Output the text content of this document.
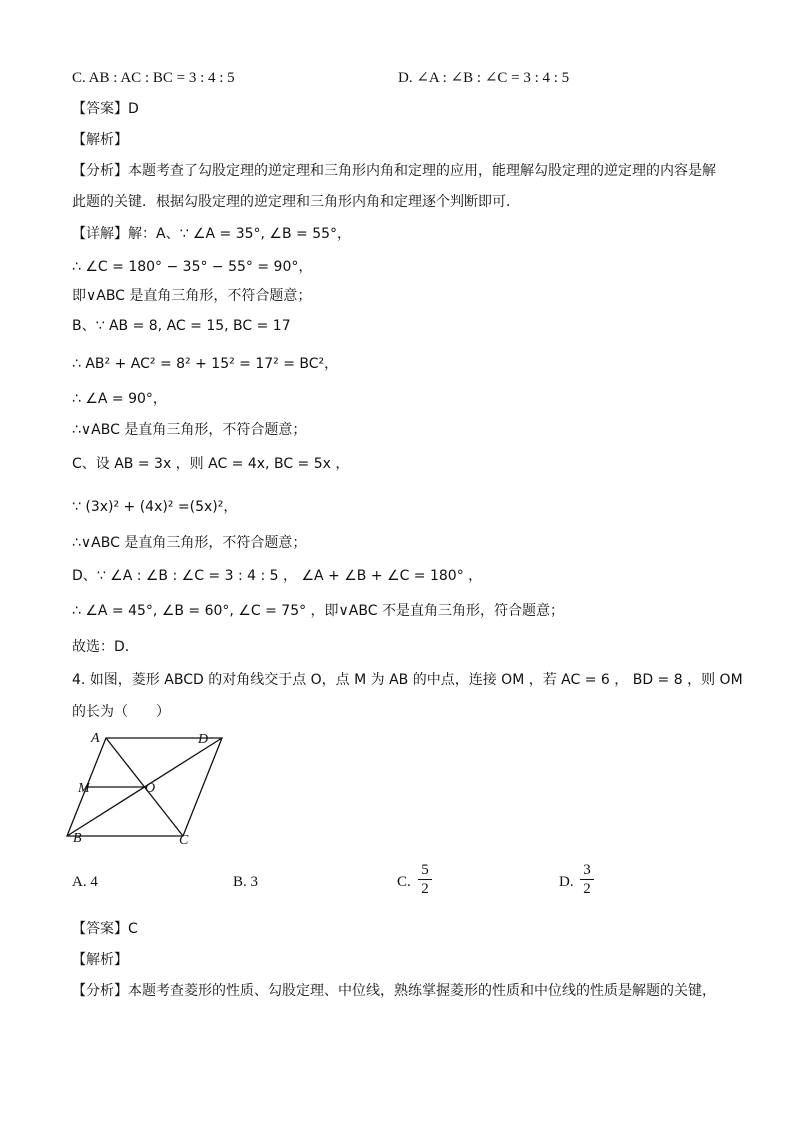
C. AB : AC : BC = 3 : 4 : 5	D. ∠A : ∠B : ∠C = 3 : 4 : 5
【答案】D
【解析】
【分析】本题考查了勾股定理的逆定理和三角形内角和定理的应用，能理解勾股定理的逆定理的内容是解
此题的关键．根据勾股定理的逆定理和三角形内角和定理逐个判断即可．
【详解】解：A、∵ ∠A = 35°, ∠B = 55°，
∴ ∠C = 180° − 35° − 55° = 90°，
即∨ABC 是直角三角形，不符合题意；
B、∵ AB = 8, AC = 15, BC = 17
∴ AB² + AC² = 8² + 15² = 17² = BC²，
∴ ∠A = 90°，
∴∨ABC 是直角三角形，不符合题意；
C、设 AB = 3x ，则 AC = 4x, BC = 5x ，
∵ (3x)² + (4x)² =(5x)²，
∴∨ABC 是直角三角形，不符合题意；
D、∵ ∠A : ∠B : ∠C = 3 : 4 : 5 ， ∠A + ∠B + ∠C = 180° ，
∴ ∠A = 45°, ∠B = 60°, ∠C = 75° ，即∨ABC 不是直角三角形，符合题意；
故选：D．
4. 如图，菱形 ABCD 的对角线交于点 O，点 M 为 AB 的中点，连接 OM ，若 AC = 6 ， BD = 8 ，则 OM
的长为（　　）
A	D
M	O
B	C
A. 4	B. 3	C.
5
2	D.
3
2
【答案】C
【解析】
【分析】本题考查菱形的性质、勾股定理、中位线，熟练掌握菱形的性质和中位线的性质是解题的关键，
